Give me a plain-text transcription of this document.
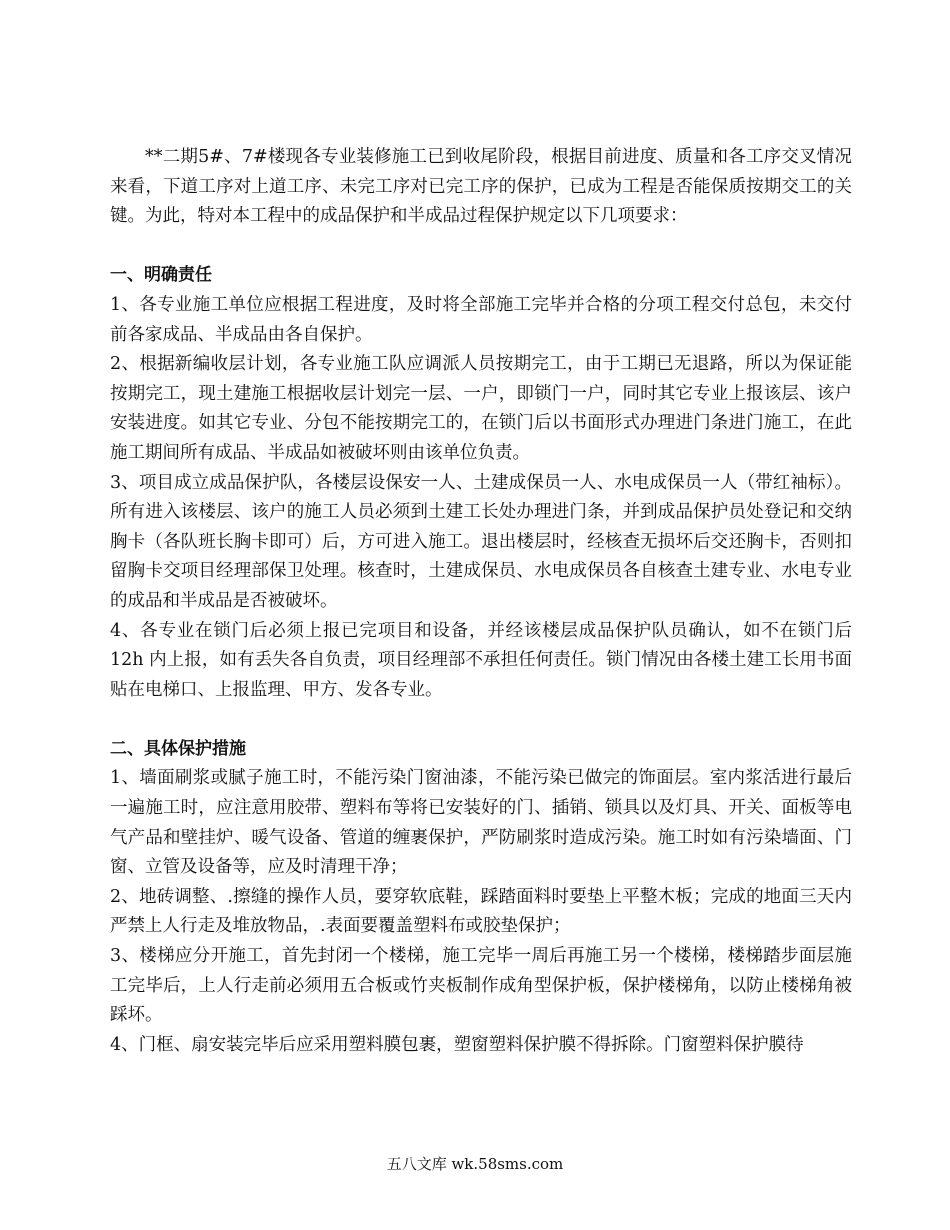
**二期5#、7#楼现各专业装修施工已到收尾阶段，根据目前进度、质量和各工序交叉情况来看，下道工序对上道工序、未完工序对已完工序的保护，已成为工程是否能保质按期交工的关键。为此，特对本工程中的成品保护和半成品过程保护规定以下几项要求：

一、明确责任

1、各专业施工单位应根据工程进度，及时将全部施工完毕并合格的分项工程交付总包，未交付前各家成品、半成品由各自保护。

2、根据新编收层计划，各专业施工队应调派人员按期完工，由于工期已无退路，所以为保证能按期完工，现土建施工根据收层计划完一层、一户，即锁门一户，同时其它专业上报该层、该户安装进度。如其它专业、分包不能按期完工的，在锁门后以书面形式办理进门条进门施工，在此施工期间所有成品、半成品如被破坏则由该单位负责。

3、项目成立成品保护队，各楼层设保安一人、土建成保员一人、水电成保员一人（带红袖标）。所有进入该楼层、该户的施工人员必须到土建工长处办理进门条，并到成品保护员处登记和交纳胸卡（各队班长胸卡即可）后，方可进入施工。退出楼层时，经核查无损坏后交还胸卡，否则扣留胸卡交项目经理部保卫处理。核查时，土建成保员、水电成保员各自核查土建专业、水电专业的成品和半成品是否被破坏。

4、各专业在锁门后必须上报已完项目和设备，并经该楼层成品保护队员确认，如不在锁门后12h 内上报，如有丢失各自负责，项目经理部不承担任何责任。锁门情况由各楼土建工长用书面贴在电梯口、上报监理、甲方、发各专业。

二、具体保护措施

1、墙面刷浆或腻子施工时，不能污染门窗油漆，不能污染已做完的饰面层。室内浆活进行最后一遍施工时，应注意用胶带、塑料布等将已安装好的门、插销、锁具以及灯具、开关、面板等电气产品和壁挂炉、暖气设备、管道的缠裹保护，严防刷浆时造成污染。施工时如有污染墙面、门窗、立管及设备等，应及时清理干净；

2、地砖调整、.擦缝的操作人员，要穿软底鞋，踩踏面料时要垫上平整木板；完成的地面三天内严禁上人行走及堆放物品，.表面要覆盖塑料布或胶垫保护；

3、楼梯应分开施工，首先封闭一个楼梯，施工完毕一周后再施工另一个楼梯，楼梯踏步面层施工完毕后，上人行走前必须用五合板或竹夹板制作成角型保护板，保护楼梯角，以防止楼梯角被踩坏。

4、门框、扇安装完毕后应采用塑料膜包裹，塑窗塑料保护膜不得拆除。门窗塑料保护膜待

五八文库 wk.58sms.com
